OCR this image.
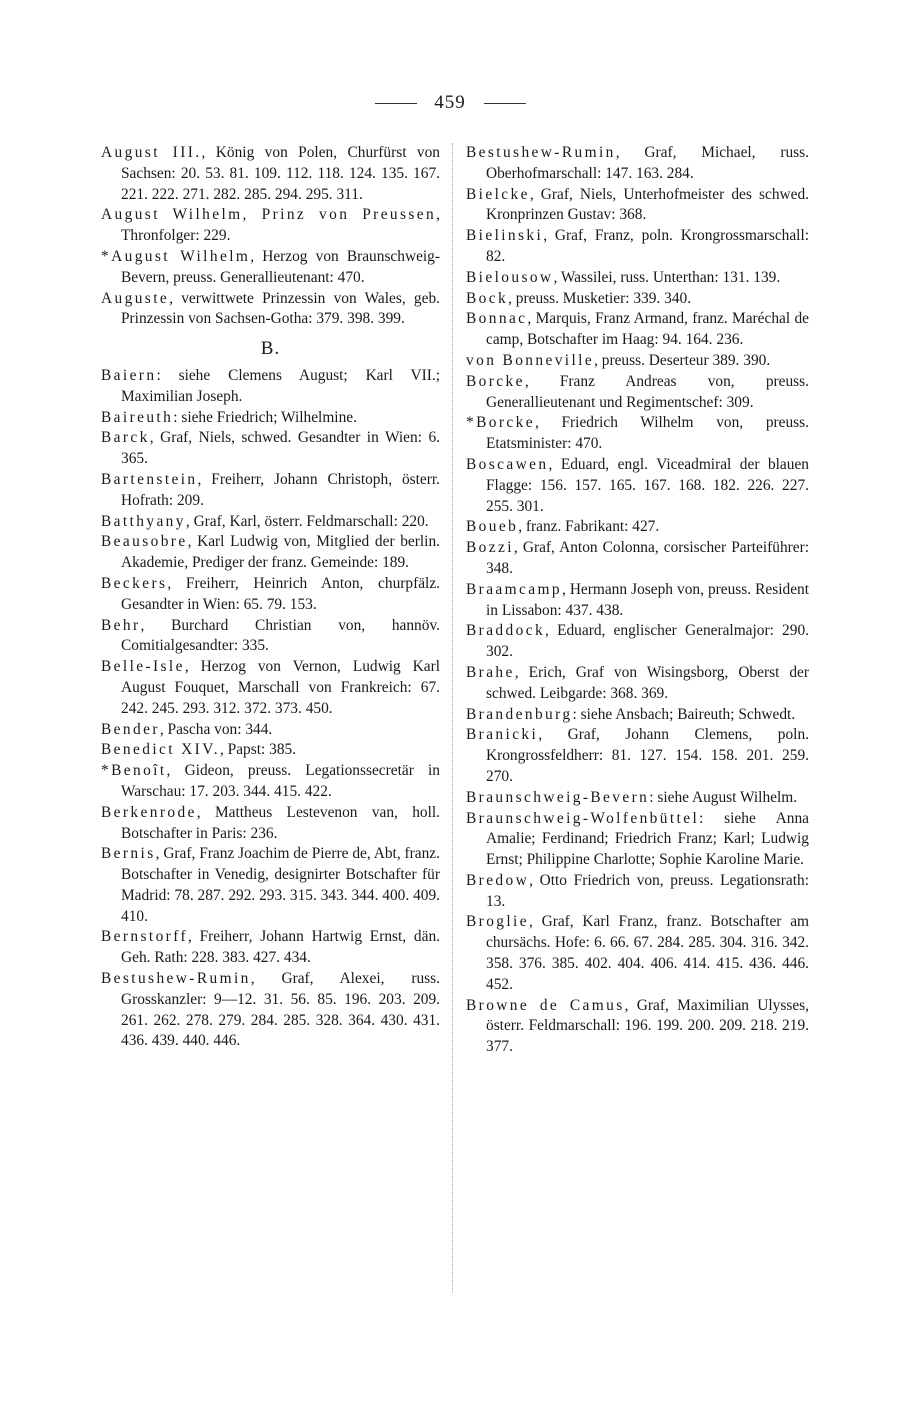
459

August III., König von Polen, Churfürst von Sachsen: 20. 53. 81. 109. 112. 118. 124. 135. 167. 221. 222. 271. 282. 285. 294. 295. 311.

August Wilhelm, Prinz von Preussen, Thronfolger: 229.

*August Wilhelm, Herzog von Braunschweig-Bevern, preuss. Generallieutenant: 470.

Auguste, verwittwete Prinzessin von Wales, geb. Prinzessin von Sachsen-Gotha: 379. 398. 399.

B.

Baiern: siehe Clemens August; Karl VII.; Maximilian Joseph.

Baireuth: siehe Friedrich; Wilhelmine.

Barck, Graf, Niels, schwed. Gesandter in Wien: 6. 365.

Bartenstein, Freiherr, Johann Christoph, österr. Hofrath: 209.

Batthyany, Graf, Karl, österr. Feldmarschall: 220.

Beausobre, Karl Ludwig von, Mitglied der berlin. Akademie, Prediger der franz. Gemeinde: 189.

Beckers, Freiherr, Heinrich Anton, churpfälz. Gesandter in Wien: 65. 79. 153.

Behr, Burchard Christian von, hannöv. Comitialgesandter: 335.

Belle-Isle, Herzog von Vernon, Ludwig Karl August Fouquet, Marschall von Frankreich: 67. 242. 245. 293. 312. 372. 373. 450.

Bender, Pascha von: 344.

Benedict XIV., Papst: 385.

*Benoît, Gideon, preuss. Legationssecretär in Warschau: 17. 203. 344. 415. 422.

Berkenrode, Mattheus Lestevenon van, holl. Botschafter in Paris: 236.

Bernis, Graf, Franz Joachim de Pierre de, Abt, franz. Botschafter in Venedig, designirter Botschafter für Madrid: 78. 287. 292. 293. 315. 343. 344. 400. 409. 410.

Bernstorff, Freiherr, Johann Hartwig Ernst, dän. Geh. Rath: 228. 383. 427. 434.

Bestushew-Rumin, Graf, Alexei, russ. Grosskanzler: 9—12. 31. 56. 85. 196. 203. 209. 261. 262. 278. 279. 284. 285. 328. 364. 430. 431. 436. 439. 440. 446.

Bestushew-Rumin, Graf, Michael, russ. Oberhofmarschall: 147. 163. 284.

Bielcke, Graf, Niels, Unterhofmeister des schwed. Kronprinzen Gustav: 368.

Bielinski, Graf, Franz, poln. Krongrossmarschall: 82.

Bielousow, Wassilei, russ. Unterthan: 131. 139.

Bock, preuss. Musketier: 339. 340.

Bonnac, Marquis, Franz Armand, franz. Maréchal de camp, Botschafter im Haag: 94. 164. 236.

von Bonneville, preuss. Deserteur 389. 390.

Borcke, Franz Andreas von, preuss. Generallieutenant und Regimentschef: 309.

*Borcke, Friedrich Wilhelm von, preuss. Etatsminister: 470.

Boscawen, Eduard, engl. Viceadmiral der blauen Flagge: 156. 157. 165. 167. 168. 182. 226. 227. 255. 301.

Boueb, franz. Fabrikant: 427.

Bozzi, Graf, Anton Colonna, corsischer Parteiführer: 348.

Braamcamp, Hermann Joseph von, preuss. Resident in Lissabon: 437. 438.

Braddock, Eduard, englischer Generalmajor: 290. 302.

Brahe, Erich, Graf von Wisingsborg, Oberst der schwed. Leibgarde: 368. 369.

Brandenburg: siehe Ansbach; Baireuth; Schwedt.

Branicki, Graf, Johann Clemens, poln. Krongrossfeldherr: 81. 127. 154. 158. 201. 259. 270.

Braunschweig-Bevern: siehe August Wilhelm.

Braunschweig-Wolfenbüttel: siehe Anna Amalie; Ferdinand; Friedrich Franz; Karl; Ludwig Ernst; Philippine Charlotte; Sophie Karoline Marie.

Bredow, Otto Friedrich von, preuss. Legationsrath: 13.

Broglie, Graf, Karl Franz, franz. Botschafter am chursächs. Hofe: 6. 66. 67. 284. 285. 304. 316. 342. 358. 376. 385. 402. 404. 406. 414. 415. 436. 446. 452.

Browne de Camus, Graf, Maximilian Ulysses, österr. Feldmarschall: 196. 199. 200. 209. 218. 219. 377.
